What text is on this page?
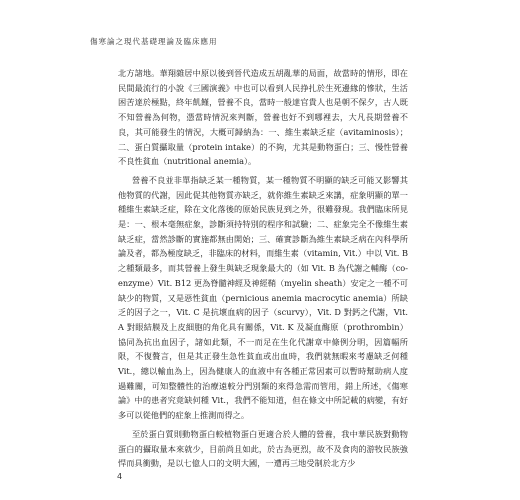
傷寒論之現代基礎理論及臨床應用

北方諸地。華翔雜居中原以後到晉代造成五胡亂華的局面，故當時的情形，即在民間最流行的小說《三國演義》中也可以看到人民挣扎於生死邊緣的慘狀，生活困苦達於極點，終年飢饉，營養不良，當時一般達官貴人也是朝不保夕，古人既不知營養為何物，憑當時情況來判斷，營養也好不到哪裡去，大凡長期營養不良，其可能發生的情況，大概可歸納為：一、維生素缺乏症（avitaminosis）；二、蛋白質攝取量（protein intake）的不夠，尤其是動物蛋白；三、慢性營養不良性貧血（nutritional anemia）。

營養不良並非單指缺乏某一種物質，某一種物質不明顯的缺乏可能又影響其他物質的代謝，因此促其他物質亦缺乏，就你維生素缺乏來講，症象明顯的單一種維生素缺乏症，除在文化落後的原始民族見到之外，很難發現。我們臨床所見是：一、根本毫無症象，診斷須持特別的程序和試驗；二、症象完全不像維生素缺乏症，當然診斷的實施都無由開始；三、確實診斷為維生素缺乏病在內科學所論及者，都為極度缺乏，非臨床的材料，而維生素（vitamin, Vit.）中以 Vit. B 之種類最多，而其營養上發生與缺乏現象最大的（如 Vit. B 為代謝之輔酶（co-enzyme）Vit. B12 更為脊髓神經及神經鞘（myelin sheath）安定之一種不可缺少的物質，又是惡性貧血（pernicious anemia macrocytic anemia）所缺乏的因子之一，Vit. C 是抗壞血病的因子（scurvy），Vit. D 對鈣之代謝，Vit. A 對眼結膜及上皮細胞的角化具有關係，Vit. K 及凝血酶原（prothrombin）協同為抗出血因子，諸如此類，不一而足在生化代謝章中條例分明，因篇幅所限，不復贅言，但是其正發生急性貧血或出血時，我們就無暇來考慮缺乏何種 Vit.，總以輸血為上，因為健康人的血液中有各種正常因素可以暫時幫助病人度過難關，可知整體性的治療遠較分門別類的來得急需而管用，錯上所述，《傷寒論》中的患者究竟缺何種 Vit.，我們不能知道，但在條文中所記載的病變，有好多可以從他們的症象上推測而得之。

至於蛋白質則動物蛋白較植物蛋白更適合於人體的營養，我中華民族對動物蛋白的攝取量本來就少，目前尚且如此，於古為更烈，故不及食肉的游牧民族強悍而具衝動，是以七億人口的文明大國，一遭再三地受制於北方少

4
